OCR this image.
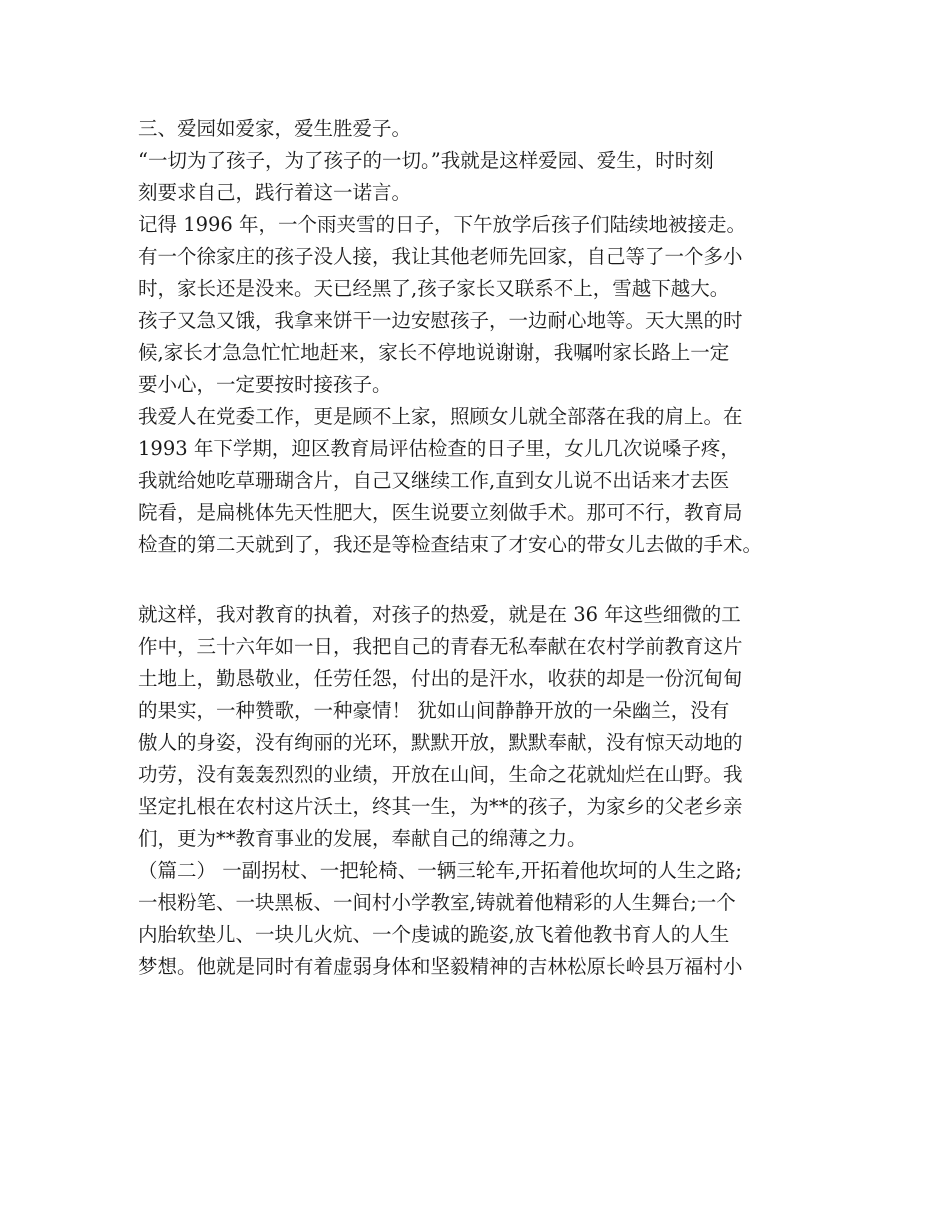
三、爱园如爱家，爱生胜爱子。
“一切为了孩子，为了孩子的一切。”我就是这样爱园、爱生，时时刻
刻要求自己，践行着这一诺言。
记得 1996 年，一个雨夹雪的日子，下午放学后孩子们陆续地被接走。
有一个徐家庄的孩子没人接，我让其他老师先回家，自己等了一个多小
时，家长还是没来。天已经黑了,孩子家长又联系不上，雪越下越大。
孩子又急又饿，我拿来饼干一边安慰孩子，一边耐心地等。天大黑的时
候,家长才急急忙忙地赶来，家长不停地说谢谢，我嘱咐家长路上一定
要小心，一定要按时接孩子。
我爱人在党委工作，更是顾不上家，照顾女儿就全部落在我的肩上。在
1993 年下学期，迎区教育局评估检查的日子里，女儿几次说嗓子疼，
我就给她吃草珊瑚含片，自己又继续工作,直到女儿说不出话来才去医
院看，是扁桃体先天性肥大，医生说要立刻做手术。那可不行，教育局
检查的第二天就到了，我还是等检查结束了才安心的带女儿去做的手术。
就这样，我对教育的执着，对孩子的热爱，就是在 36 年这些细微的工
作中，三十六年如一日，我把自己的青春无私奉献在农村学前教育这片
土地上，勤恳敬业，任劳任怨，付出的是汗水，收获的却是一份沉甸甸
的果实，一种赞歌，一种豪情！ 犹如山间静静开放的一朵幽兰，没有
傲人的身姿，没有绚丽的光环，默默开放，默默奉献，没有惊天动地的
功劳，没有轰轰烈烈的业绩，开放在山间，生命之花就灿烂在山野。我
坚定扎根在农村这片沃土，终其一生，为**的孩子，为家乡的父老乡亲
们，更为**教育事业的发展，奉献自己的绵薄之力。
（篇二） 一副拐杖、一把轮椅、一辆三轮车,开拓着他坎坷的人生之路;
一根粉笔、一块黑板、一间村小学教室,铸就着他精彩的人生舞台;一个
内胎软垫儿、一块儿火炕、一个虔诚的跪姿,放飞着他教书育人的人生
梦想。他就是同时有着虚弱身体和坚毅精神的吉林松原长岭县万福村小
